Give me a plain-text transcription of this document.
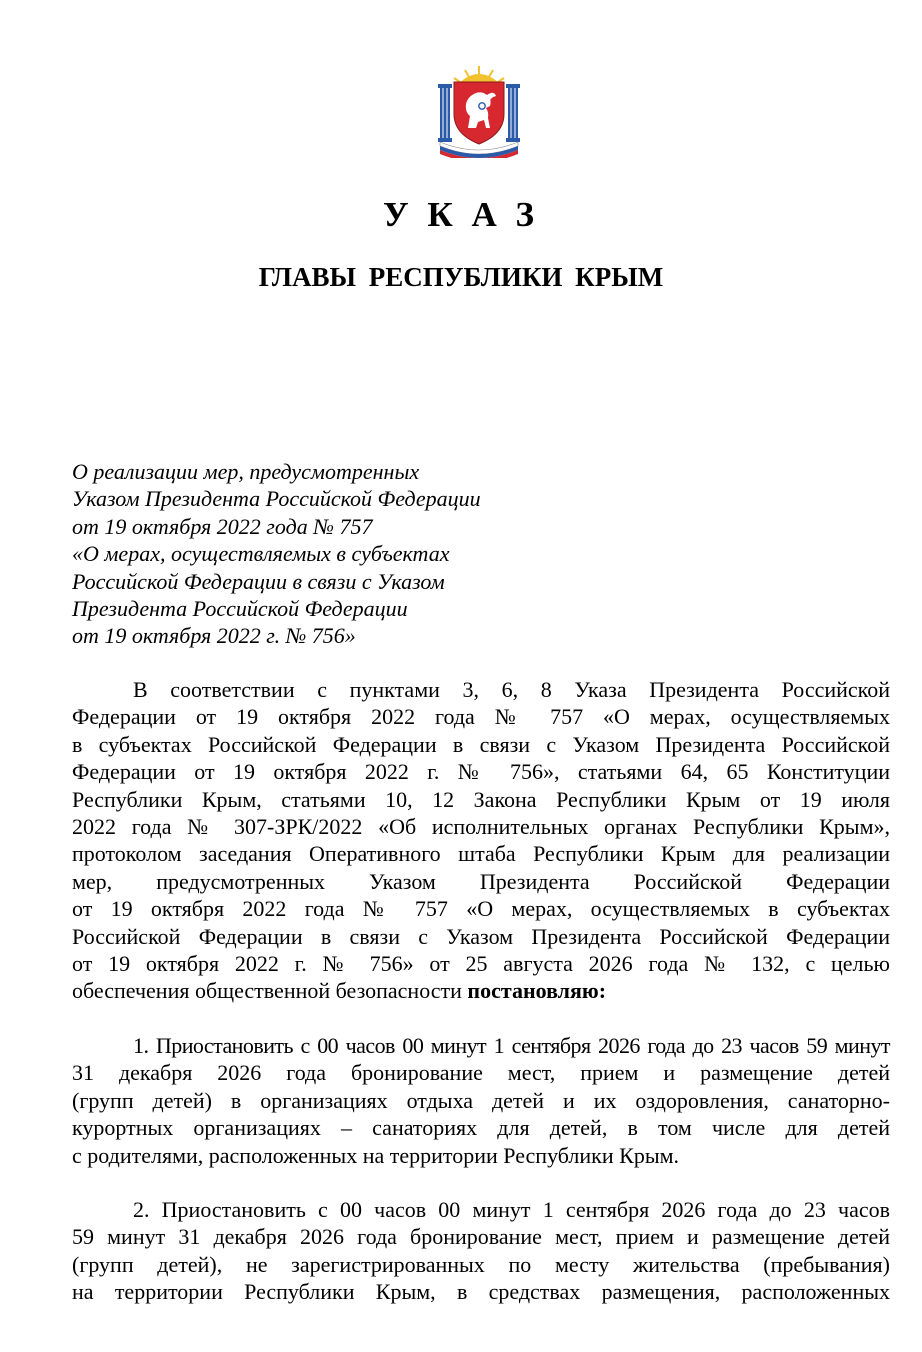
У К А З
ГЛАВЫ РЕСПУБЛИКИ КРЫМ
О реализации мер, предусмотренных
Указом Президента Российской Федерации
от 19 октября 2022 года № 757
«О мерах, осуществляемых в субъектах
Российской Федерации в связи с Указом
Президента Российской Федерации
от 19 октября 2022 г. № 756»
В соответствии с пунктами 3, 6, 8 Указа Президента Российской
Федерации от 19 октября 2022 года № 757 «О мерах, осуществляемых
в субъектах Российской Федерации в связи с Указом Президента Российской
Федерации от 19 октября 2022 г. № 756», статьями 64, 65 Конституции
Республики Крым, статьями 10, 12 Закона Республики Крым от 19 июля
2022 года № 307-ЗРК/2022 «Об исполнительных органах Республики Крым»,
протоколом заседания Оперативного штаба Республики Крым для реализации
мер, предусмотренных Указом Президента Российской Федерации
от 19 октября 2022 года № 757 «О мерах, осуществляемых в субъектах
Российской Федерации в связи с Указом Президента Российской Федерации
от 19 октября 2022 г. № 756» от 25 августа 2026 года № 132, с целью
обеспечения общественной безопасности постановляю:
1. Приостановить с 00 часов 00 минут 1 сентября 2026 года до 23 часов 59 минут
31 декабря 2026 года бронирование мест, прием и размещение детей
(групп детей) в организациях отдыха детей и их оздоровления, санаторно-
курортных организациях – санаториях для детей, в том числе для детей
с родителями, расположенных на территории Республики Крым.
2. Приостановить с 00 часов 00 минут 1 сентября 2026 года до 23 часов
59 минут 31 декабря 2026 года бронирование мест, прием и размещение детей
(групп детей), не зарегистрированных по месту жительства (пребывания)
на территории Республики Крым, в средствах размещения, расположенных
